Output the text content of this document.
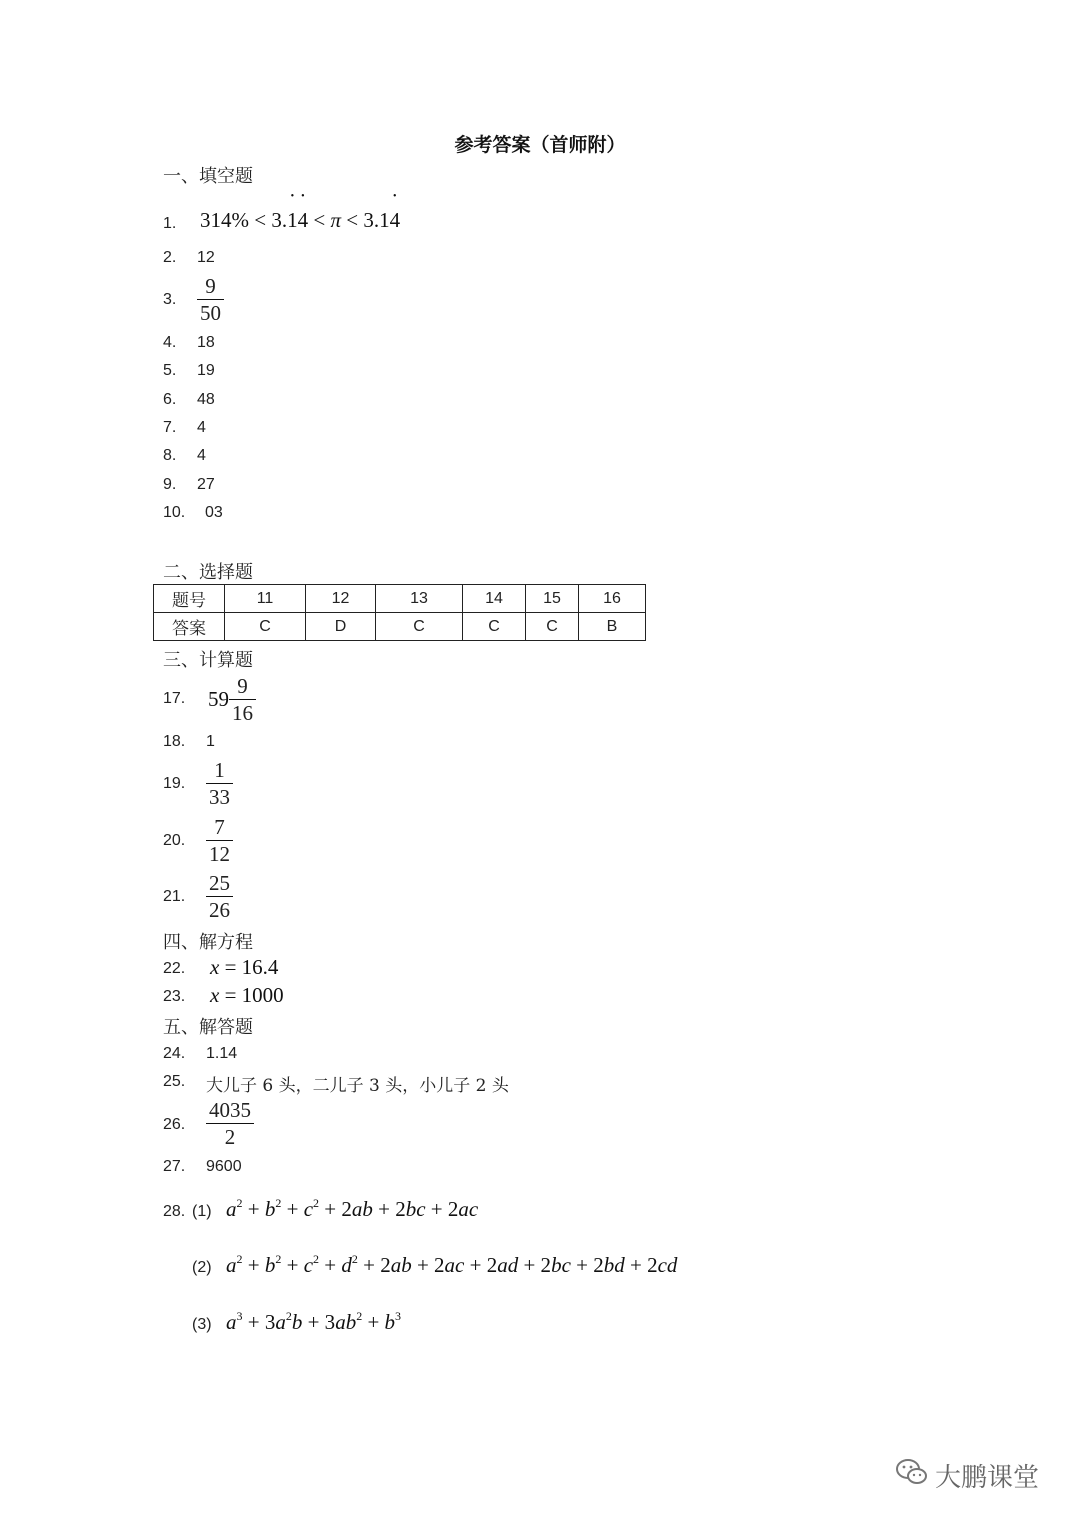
参考答案（首师附）
一、填空题
1. 314% < 3.• 1• 4 < π < 3.1• 4
2. 12
3. $\frac{9}{50}$
4. 18
5. 19
6. 48
7. 4
8. 4
9. 27
10. 03
二、选择题
题号	11	12	13	14	15	16
答案	C	D	C	C	C	B
三、计算题
17. $59 \frac{9}{16}$
18. 1
19. $\frac{1}{33}$
20. $\frac{7}{12}$
21. $\frac{25}{26}$
四、解方程
22. x = 16.4
23. x = 1000
五、解答题
24. 1.14
25. 大儿子 6 头，二儿子 3 头，小儿子 2 头
26. $\frac{4035}{2}$
27. 9600
28. (1) $a^2 + b^2 + c^2 + 2ab + 2bc + 2ac$
(2) $a^2 + b^2 + c^2 + d^2 + 2ab + 2ac + 2ad + 2bc + 2bd + 2cd$
(3) $a^3 + 3a^2b + 3ab^2 + b^3$
大鹏课堂
